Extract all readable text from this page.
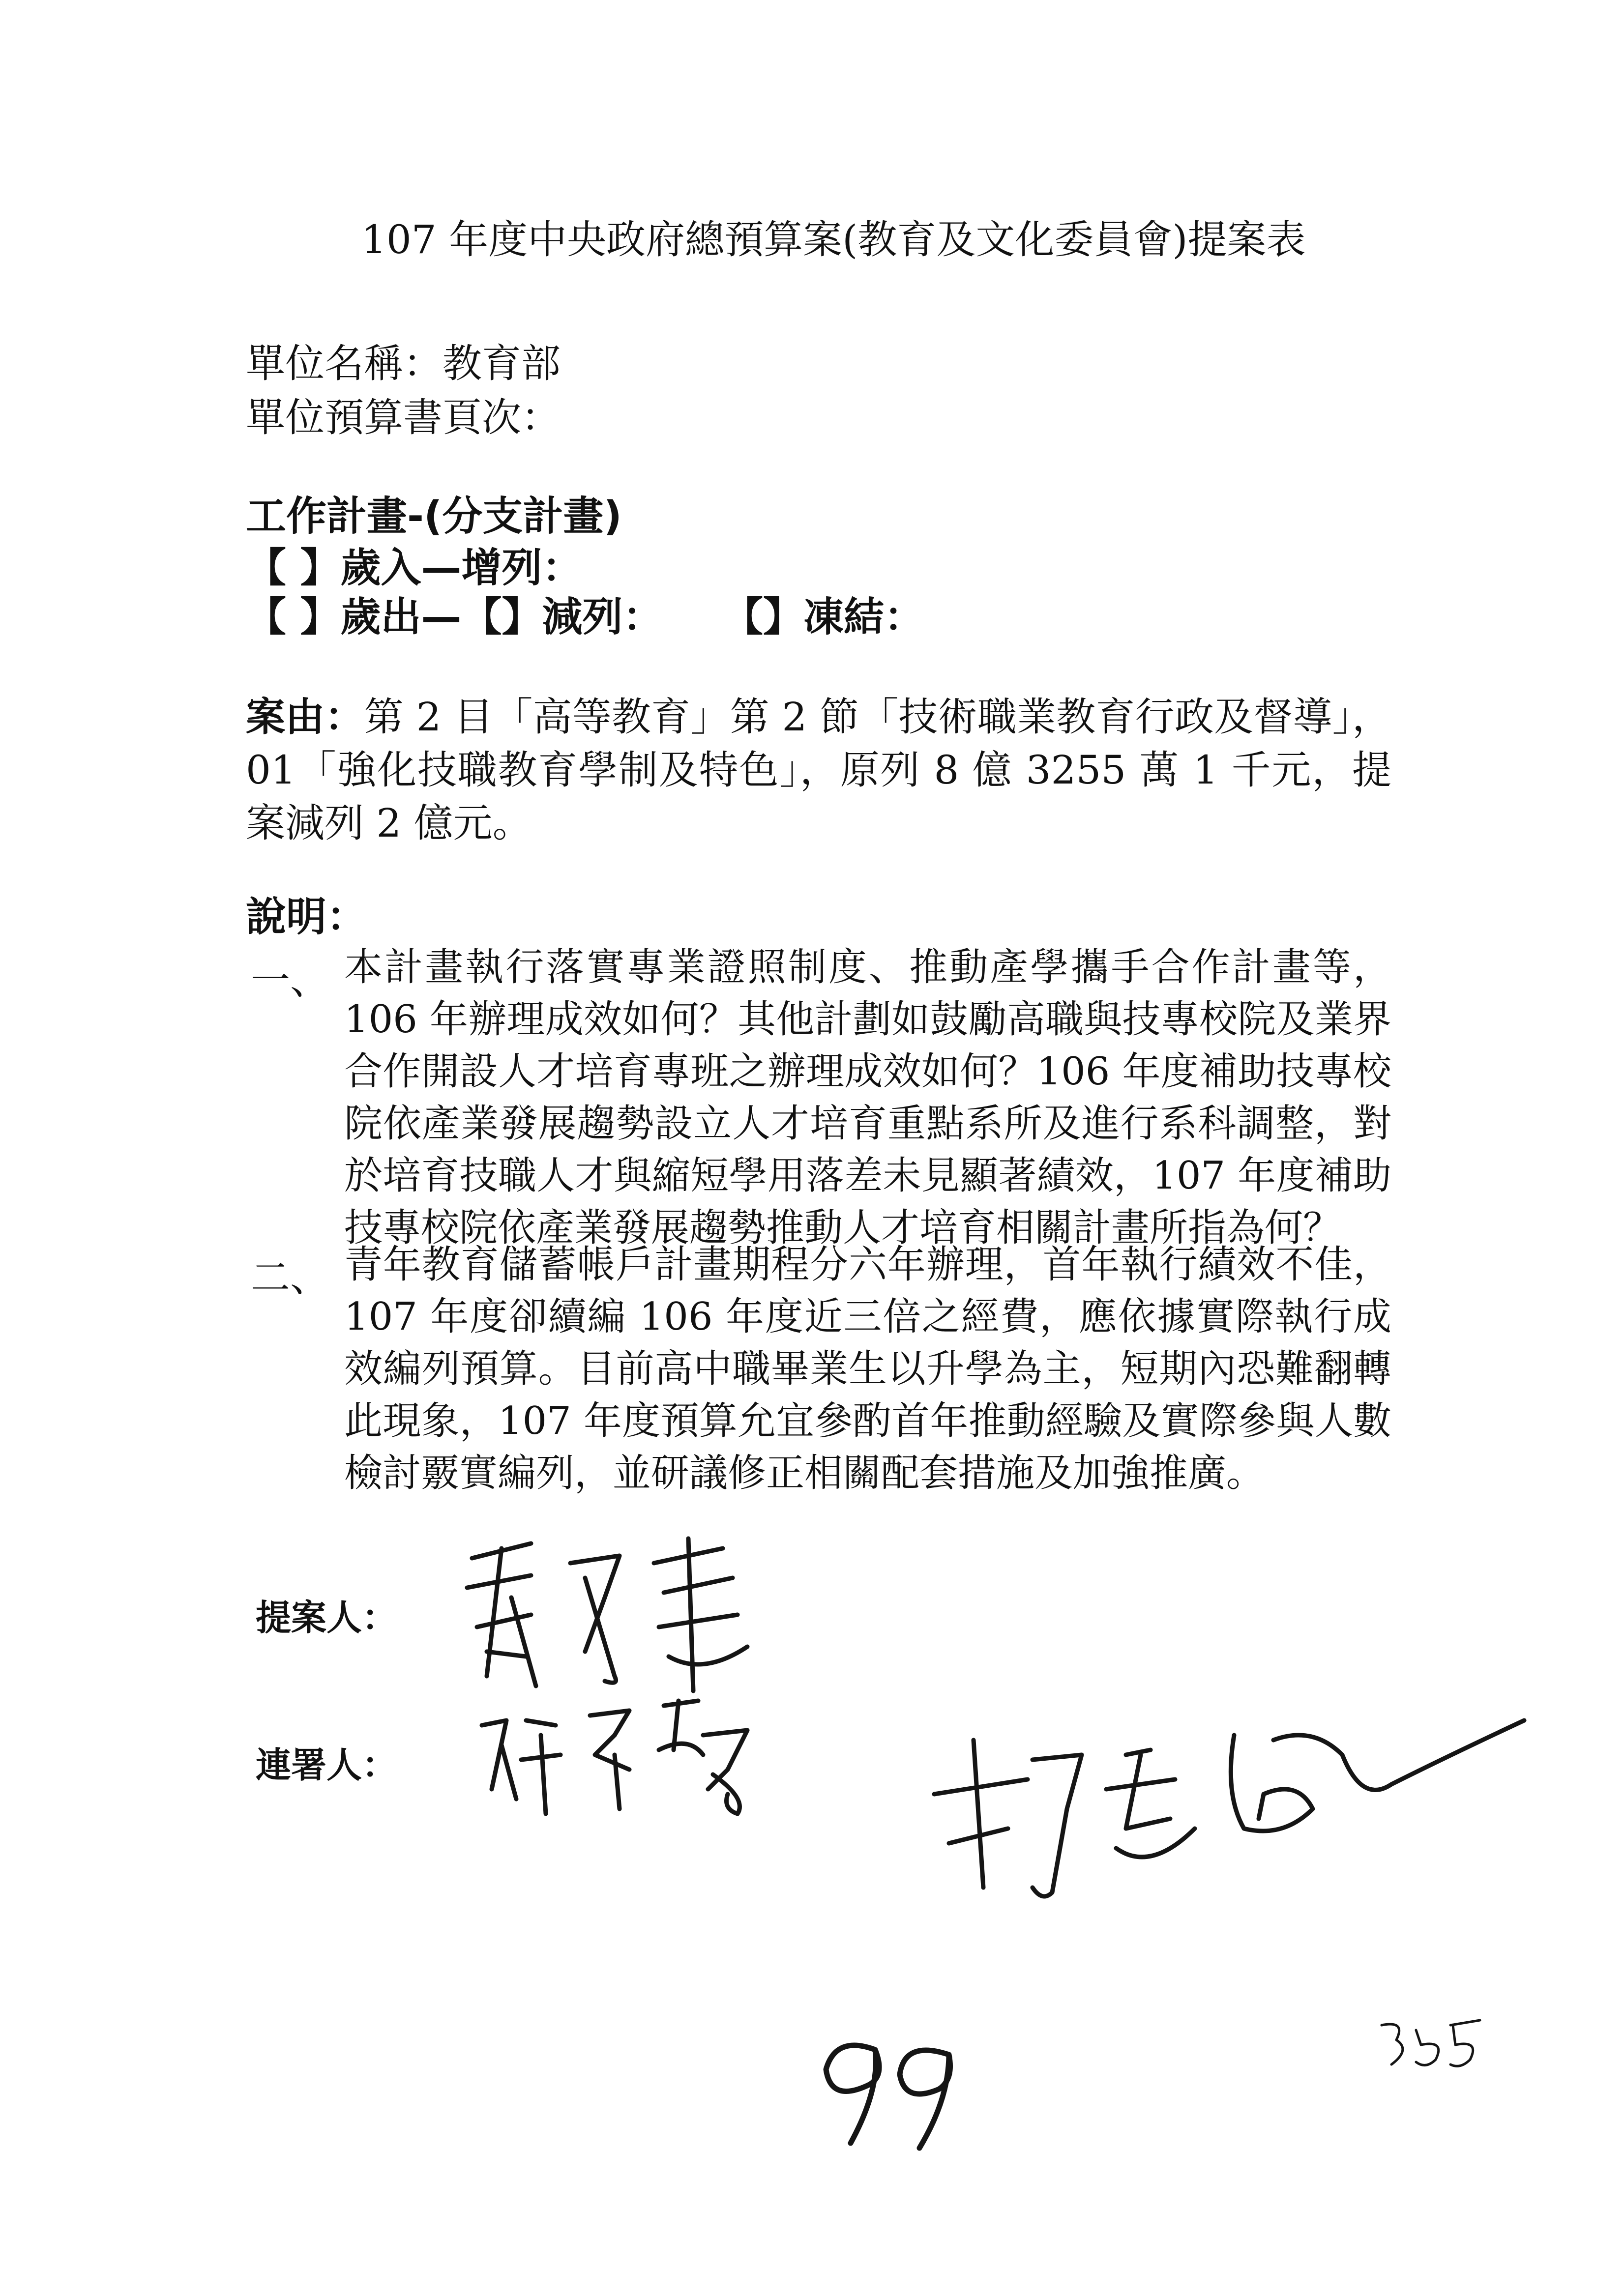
107 年度中央政府總預算案(教育及文化委員會)提案表
單位名稱：教育部
單位預算書頁次：
工作計畫-(分支計畫)
【 】歲入—增列：
【 】歲出—【】減列： 【】凍結：
案由：第 2 目「高等教育」第 2 節「技術職業教育行政及督導」，01「強化技職教育學制及特色」，原列 8 億 3255 萬 1 千元，提案減列 2 億元。
說明：
一、 本計畫執行落實專業證照制度、推動產學攜手合作計畫等，106 年辦理成效如何？其他計劃如鼓勵高職與技專校院及業界合作開設人才培育專班之辦理成效如何？106 年度補助技專校院依產業發展趨勢設立人才培育重點系所及進行系科調整，對於培育技職人才與縮短學用落差未見顯著績效，107 年度補助技專校院依產業發展趨勢推動人才培育相關計畫所指為何？
二、 青年教育儲蓄帳戶計畫期程分六年辦理，首年執行績效不佳，107 年度卻續編 106 年度近三倍之經費，應依據實際執行成效編列預算。目前高中職畢業生以升學為主，短期內恐難翻轉此現象，107 年度預算允宜參酌首年推動經驗及實際參與人數檢討覈實編列，並研議修正相關配套措施及加強推廣。
提案人：
連署人：
